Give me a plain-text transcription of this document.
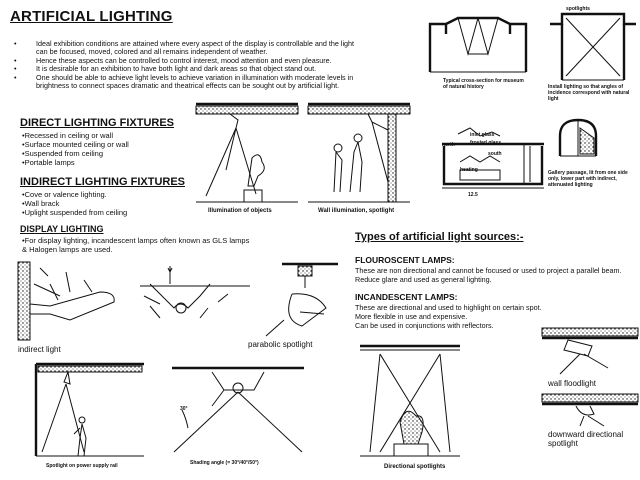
ARTIFICIAL LIGHTING
• Ideal exhibition conditions are attained where every aspect of the display is controllable and the light can be focused, moved, colored and all remains independent of weather.
• Hence these aspects can be controlled to control interest, mood attention and even pleasure.
• It is desirable for an exhibition to have both light and dark areas so that object stand out.
• One should be able to achieve light levels to achieve variation in illumination with moderate levels in brightness to connect spaces dramatic and theatrical effects can be sought out by artificial light.
DIRECT LIGHTING FIXTURES
•Recessed in ceiling or wall
•Surface mounted ceiling or wall
•Suspended from ceiling
•Portable lamps
INDIRECT LIGHTING FIXTURES
•Cove or valence lighting.
•Wall brack
•Uplight suspended from ceiling
DISPLAY LIGHTING
•For display lighting, incandescent lamps often known as GLS lamps & Halogen lamps are used.
Types of artificial light sources:-
FLOUROSCENT LAMPS:
These are non directional and cannot be focused or used to project a parallel beam. Reduce glare and used as general lighting.
INCANDESCENT LAMPS:
These are directional and used to highlight on certain spot.
More flexible in use and expensive.
Can be used in conjunctions with reflectors.
Typical cross-section for museum of natural history
spotlights
Install lighting so that angles of incidence correspond with natural light
Gallery passage, lit from one side only, lower part with indirect, attenuated lighting
inlet glass
frosted glass
north
south
heating
12.5
Illumination of objects	Wall illumination, spotlight
indirect light
parabolic spotlight
Spotlight on power supply rail
30°
Shading angle (= 30°/40°/50°)
Directional spotlights
wall floodlight
downward directional spotlight
